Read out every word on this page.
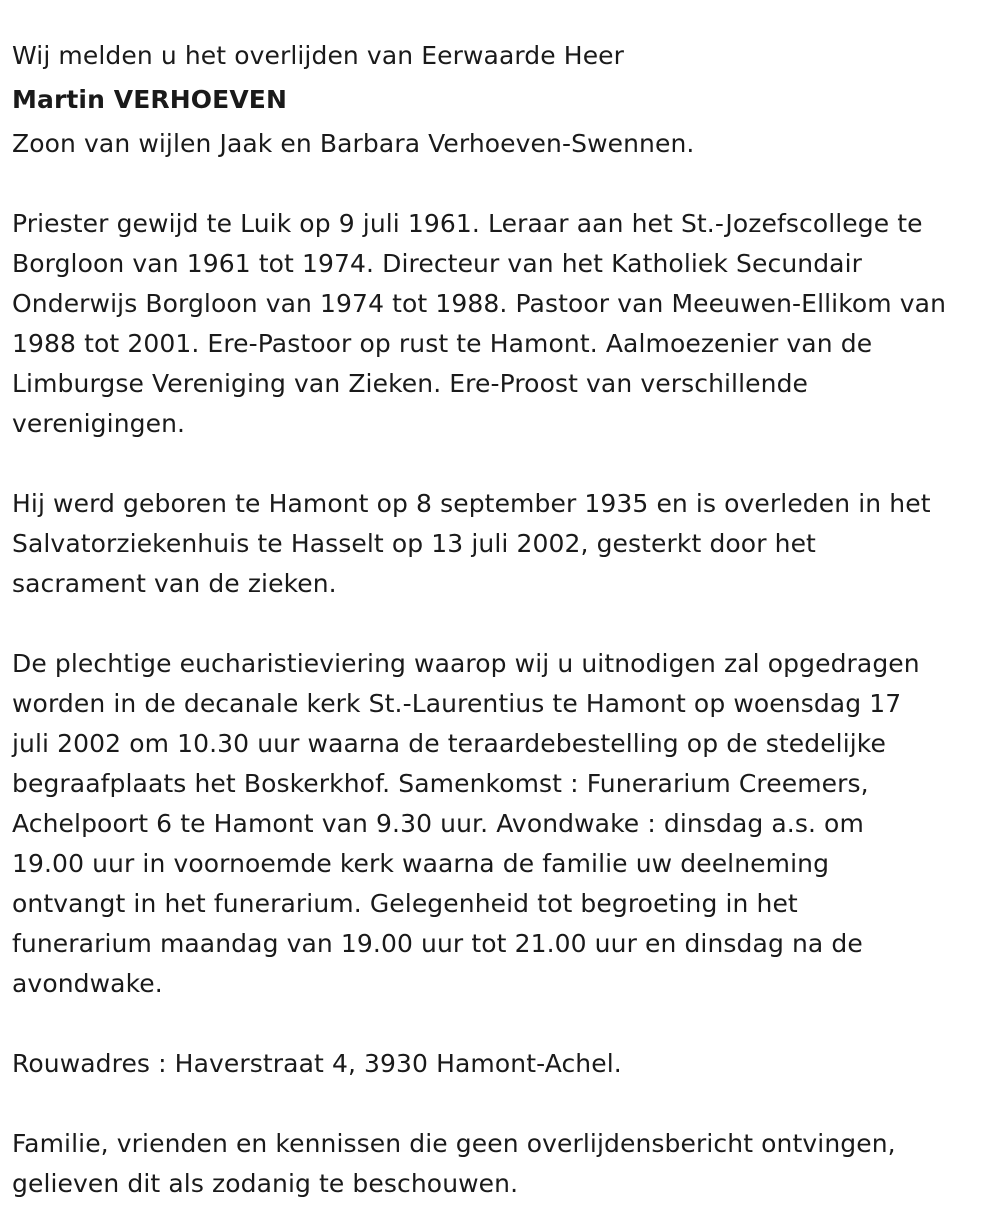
Wij melden u het overlijden van Eerwaarde Heer

Martin VERHOEVEN

Zoon van wijlen Jaak en Barbara Verhoeven-Swennen.

Priester gewijd te Luik op 9 juli 1961. Leraar aan het St.-Jozefscollege te
Borgloon van 1961 tot 1974. Directeur van het Katholiek Secundair
Onderwijs Borgloon van 1974 tot 1988. Pastoor van Meeuwen-Ellikom van
1988 tot 2001. Ere-Pastoor op rust te Hamont. Aalmoezenier van de
Limburgse Vereniging van Zieken. Ere-Proost van verschillende
verenigingen.
Hij werd geboren te Hamont op 8 september 1935 en is overleden in het
Salvatorziekenhuis te Hasselt op 13 juli 2002, gesterkt door het
sacrament van de zieken.
De plechtige eucharistieviering waarop wij u uitnodigen zal opgedragen
worden in de decanale kerk St.-Laurentius te Hamont op woensdag 17
juli 2002 om 10.30 uur waarna de teraardebestelling op de stedelijke
begraafplaats het Boskerkhof. Samenkomst : Funerarium Creemers,
Achelpoort 6 te Hamont van 9.30 uur. Avondwake : dinsdag a.s. om
19.00 uur in voornoemde kerk waarna de familie uw deelneming
ontvangt in het funerarium. Gelegenheid tot begroeting in het
funerarium maandag van 19.00 uur tot 21.00 uur en dinsdag na de
avondwake.

Rouwadres : Haverstraat 4, 3930 Hamont-Achel.

Familie, vrienden en kennissen die geen overlijdensbericht ontvingen,
gelieven dit als zodanig te beschouwen.
